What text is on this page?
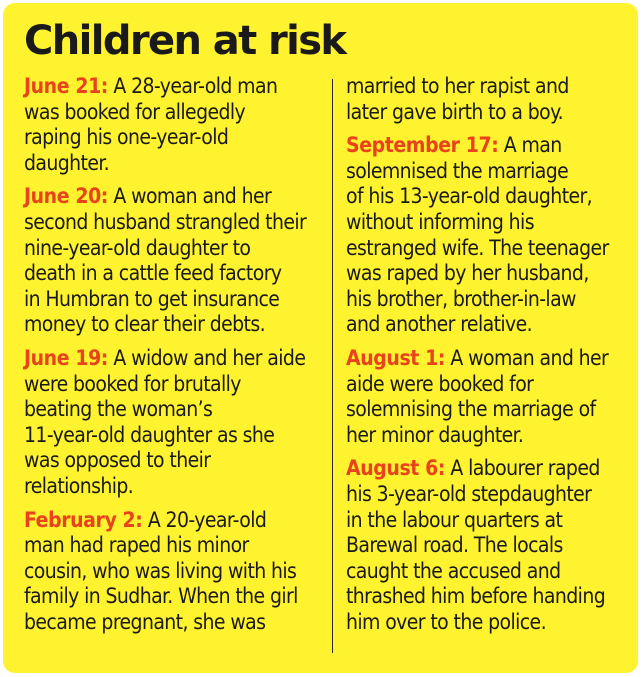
Children at risk
June 21: A 28-year-old man
was booked for allegedly
raping his one-year-old
daughter.
June 20: A woman and her
second husband strangled their
nine-year-old daughter to
death in a cattle feed factory
in Humbran to get insurance
money to clear their debts.
June 19: A widow and her aide
were booked for brutally
beating the woman’s
11-year-old daughter as she
was opposed to their
relationship.
February 2: A 20-year-old
man had raped his minor
cousin, who was living with his
family in Sudhar. When the girl
became pregnant, she was
married to her rapist and
later gave birth to a boy.
September 17: A man
solemnised the marriage
of his 13-year-old daughter,
without informing his
estranged wife. The teenager
was raped by her husband,
his brother, brother-in-law
and another relative.
August 1: A woman and her
aide were booked for
solemnising the marriage of
her minor daughter.
August 6: A labourer raped
his 3-year-old stepdaughter
in the labour quarters at
Barewal road. The locals
caught the accused and
thrashed him before handing
him over to the police.
